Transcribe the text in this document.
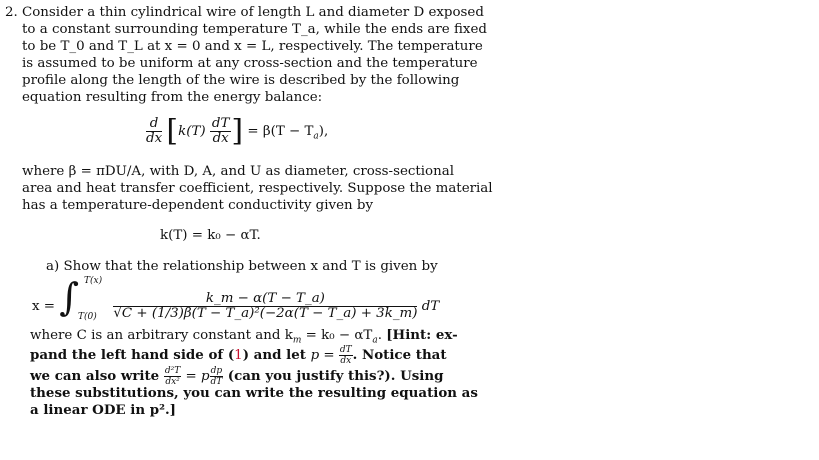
2. Consider a thin cylindrical wire of length L and diameter D exposed
to a constant surrounding temperature T_a, while the ends are fixed
to be T_0 and T_L at x = 0 and x = L, respectively. The temperature
is assumed to be uniform at any cross-section and the temperature
profile along the length of the wire is described by the following
equation resulting from the energy balance:
$\frac{d}{dx} [k(T) \frac{dT}{dx}$ ] = $\beta(T - T_a)$,
where β = πDU/A, with D, A, and U as diameter, cross-sectional
area and heat transfer coefficient, respectively. Suppose the material
has a temperature-dependent conductivity given by
k(T) = k₀ − αT.
a) Show that the relationship between x and T is given by
x = ∫ T(x)
$T(0) \frac{k\_m - \alpha(T - T\_a)}{\text{√C + (1/3)β(T − T\_a)²(−2α(T − T\_a) + 3k\_m)}}$ dT
where C is an arbitrary constant and $k_m = k_0 - \alpha T_a$. [Hint: ex-
pand the left hand side of (1) and let $p = \frac{dT}{dx}$ . Notice that
we can also write $\frac{\text{d²T}}{\text{dx²}} = p \frac{dp}{dT} (can$ you justify this?). Using
these substitutions, you can write the resulting equation as
a linear ODE in p².]
